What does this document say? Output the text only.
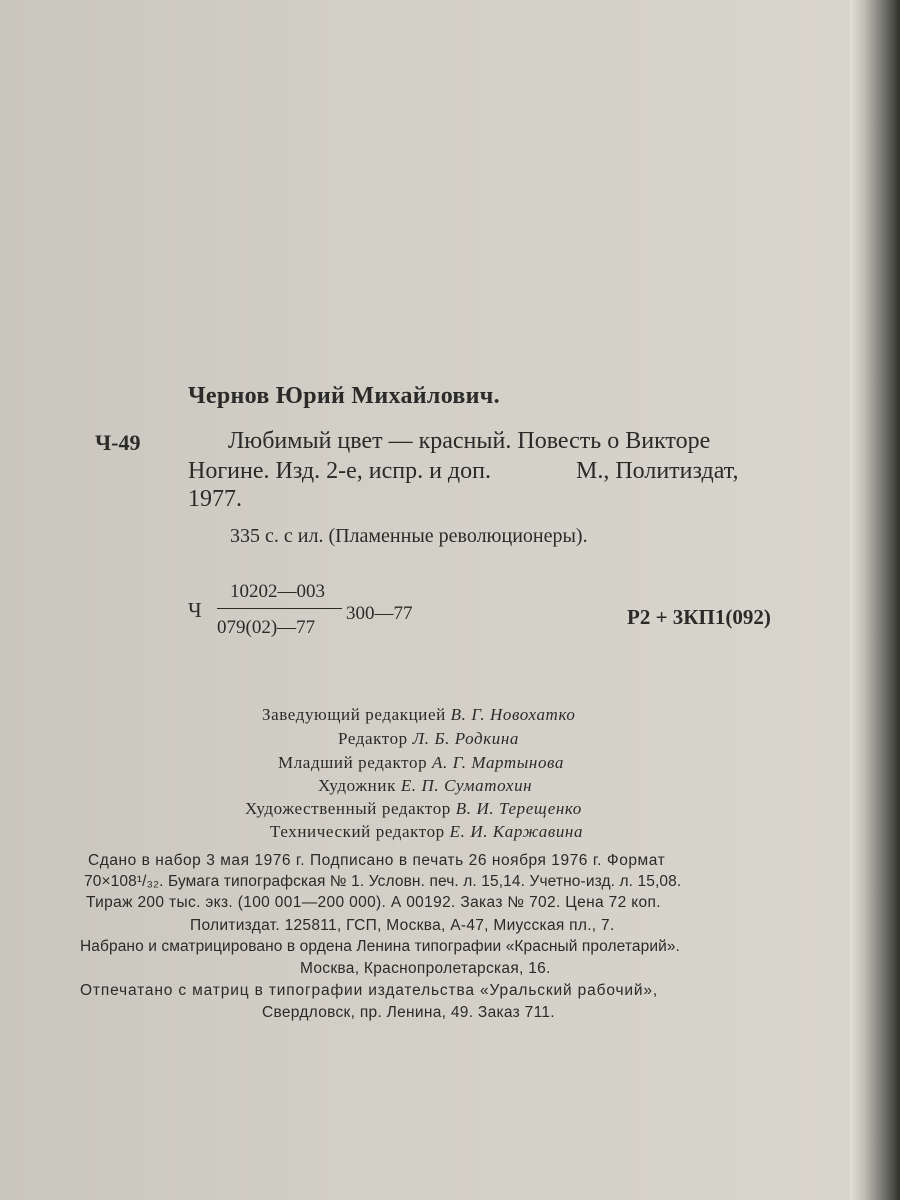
Чернов Юрий Михайлович.
Ч-49	Любимый цвет — красный. Повесть о Викторе
Ногине. Изд. 2-е, испр. и доп.	М., Политиздат,
1977.
335 с. с ил. (Пламенные революционеры).
Ч
10202—003
079(02)—77
300—77	Р2 + 3КП1(092)
Заведующий редакцией В. Г. Новохатко
Редактор Л. Б. Родкина
Младший редактор А. Г. Мартынова
Художник Е. П. Суматохин
Художественный редактор В. И. Терещенко
Технический редактор Е. И. Каржавина
Сдано в набор 3 мая 1976 г. Подписано в печать 26 ноября 1976 г. Формат
70×108¹/₃₂. Бумага типографская № 1. Условн. печ. л. 15,14. Учетно-изд. л. 15,08.
Тираж 200 тыс. экз. (100 001—200 000). А 00192. Заказ № 702. Цена 72 коп.
Политиздат. 125811, ГСП, Москва, А-47, Миусская пл., 7.
Набрано и сматрицировано в ордена Ленина типографии «Красный пролетарий».
Москва, Краснопролетарская, 16.
Отпечатано с матриц в типографии издательства «Уральский рабочий»,
Свердловск, пр. Ленина, 49. Заказ 711.
